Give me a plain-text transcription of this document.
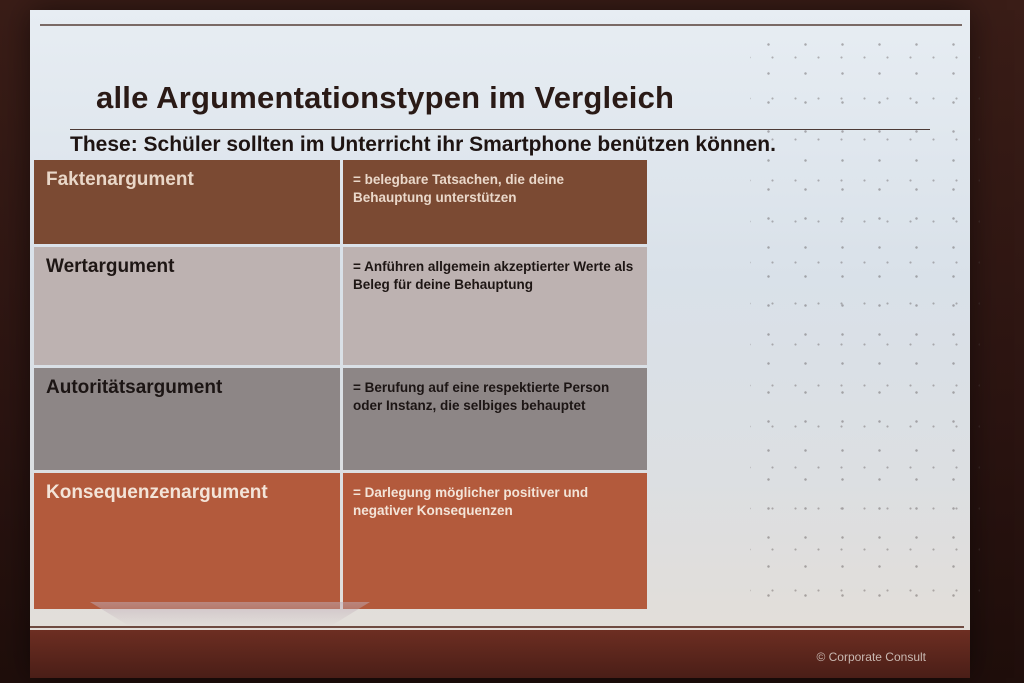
alle Argumentationstypen im Vergleich

These: Schüler sollten im Unterricht ihr Smartphone benützen können.

Faktenargument	= belegbare Tatsachen, die deine Behauptung unterstützen
Wertargument	= Anführen allgemein akzeptierter Werte als Beleg für deine Behauptung
Autoritätsargument	= Berufung auf eine respektierte Person oder Instanz, die selbiges behauptet
Konsequenzenargument	= Darlegung möglicher positiver und negativer Konsequenzen
© Corporate Consult
